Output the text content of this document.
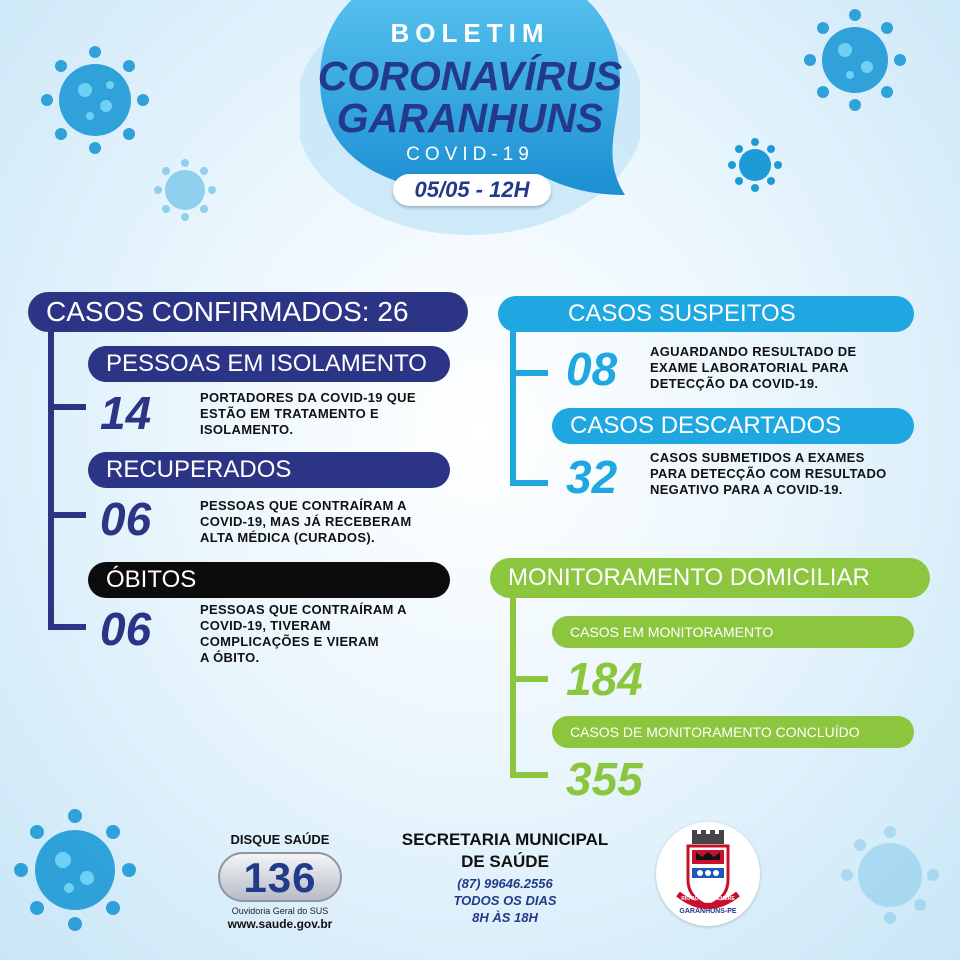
BOLETIM
CORONAVÍRUS
GARANHUNS
COVID-19
05/05 - 12H
CASOS CONFIRMADOS: 26
PESSOAS EM ISOLAMENTO
14	PORTADORES DA COVID-19 QUE
ESTÃO EM TRATAMENTO E
ISOLAMENTO.
RECUPERADOS
06	PESSOAS QUE CONTRAÍRAM A
COVID-19, MAS JÁ RECEBERAM
ALTA MÉDICA (CURADOS).
ÓBITOS
06	PESSOAS QUE CONTRAÍRAM A
COVID-19, TIVERAM
COMPLICAÇÕES E VIERAM
A ÓBITO.
CASOS SUSPEITOS
08	AGUARDANDO RESULTADO DE
EXAME LABORATORIAL PARA
DETECÇÃO DA COVID-19.
CASOS DESCARTADOS
32	CASOS SUBMETIDOS A EXAMES
PARA DETECÇÃO COM RESULTADO
NEGATIVO PARA A COVID-19.
MONITORAMENTO DOMICILIAR
CASOS EM MONITORAMENTO
184
CASOS DE MONITORAMENTO CONCLUÍDO
355
DISQUE SAÚDE
136
Ouvidoria Geral do SUS
www.saude.gov.br
SECRETARIA MUNICIPAL
DE SAÚDE
(87) 99646.2556
TODOS OS DIAS
8H ÀS 18H
RIO AUTORA TEMERE
GARANHUNS-PE
